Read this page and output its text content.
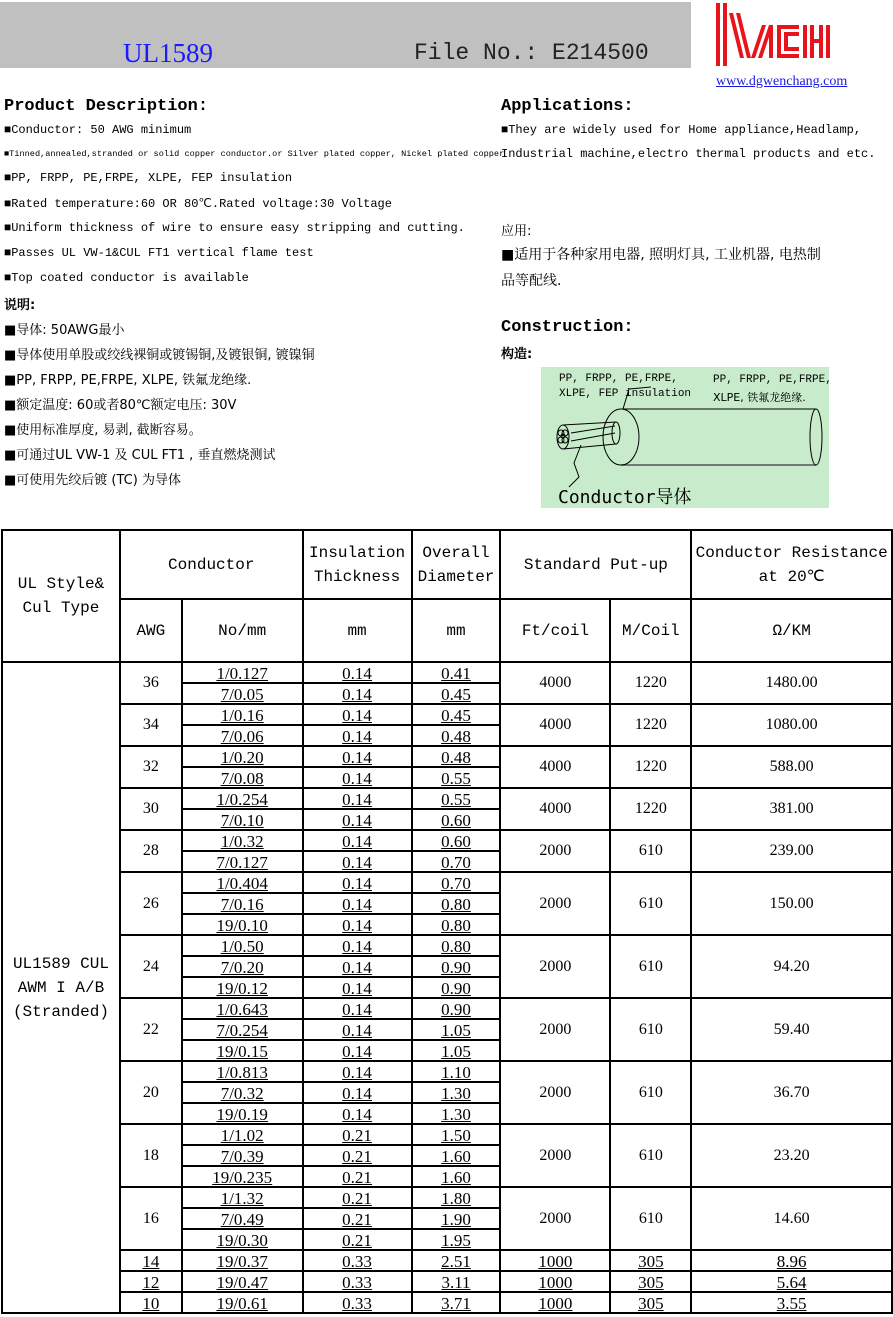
UL1589	File No.: E214500
www.dgwenchang.com
Product Description:
■Conductor: 50 AWG minimum
■Tinned,annealed,stranded or solid copper conductor.or Silver plated copper, Nickel plated copper
■PP, FRPP, PE,FRPE, XLPE, FEP insulation
■Rated temperature:60 OR 80℃.Rated voltage:30 Voltage
■Uniform thickness of wire to ensure easy stripping and cutting.
■Passes UL VW-1&CUL FT1 vertical flame test
■Top coated conductor is available
说明:
■导体: 50AWG最小
■导体使用单股或绞线裸铜或镀锡铜,及镀银铜, 镀镍铜
■PP, FRPP, PE,FRPE, XLPE, 铁氟龙绝缘.
■额定温度: 60或者80℃额定电压: 30V
■使用标准厚度, 易剥, 截断容易。
■可通过UL VW-1 及 CUL FT1 , 垂直燃烧测试
■可使用先绞后镀 (TC) 为导体
Applications:
■They are widely used for Home appliance,Headlamp,
Industrial machine,electro thermal products and etc.
应用:
■适用于各种家用电器, 照明灯具, 工业机器, 电热制
品等配线.
Construction:
构造:
PP, FRPP, PE,FRPE,
XLPE, FEP insulation
PP, FRPP, PE,FRPE,
XLPE, 铁氟龙绝缘.
Conductor导体
UL Style& Cul Type	Conductor		Insulation Thickness	Overall Diameter	Standard Put-up		Conductor Resistance at 20℃
	AWG	No/mm	mm	mm	Ft/coil	M/Coil	Ω/KM
UL1589 CUL AWM I A/B (Stranded)	36	1/0.127	0.14	0.41	4000	1220	1480.00
		7/0.05	0.14	0.45			
	34	1/0.16	0.14	0.45	4000	1220	1080.00
		7/0.06	0.14	0.48			
	32	1/0.20	0.14	0.48	4000	1220	588.00
		7/0.08	0.14	0.55			
	30	1/0.254	0.14	0.55	4000	1220	381.00
		7/0.10	0.14	0.60			
	28	1/0.32	0.14	0.60	2000	610	239.00
		7/0.127	0.14	0.70			
	26	1/0.404	0.14	0.70	2000	610	150.00
		7/0.16	0.14	0.80			
		19/0.10	0.14	0.80			
	24	1/0.50	0.14	0.80	2000	610	94.20
		7/0.20	0.14	0.90			
		19/0.12	0.14	0.90			
	22	1/0.643	0.14	0.90	2000	610	59.40
		7/0.254	0.14	1.05			
		19/0.15	0.14	1.05			
	20	1/0.813	0.14	1.10	2000	610	36.70
		7/0.32	0.14	1.30			
		19/0.19	0.14	1.30			
	18	1/1.02	0.21	1.50	2000	610	23.20
		7/0.39	0.21	1.60			
		19/0.235	0.21	1.60			
	16	1/1.32	0.21	1.80	2000	610	14.60
		7/0.49	0.21	1.90			
		19/0.30	0.21	1.95			
	14	19/0.37	0.33	2.51	1000	305	8.96
	12	19/0.47	0.33	3.11	1000	305	5.64
	10	19/0.61	0.33	3.71	1000	305	3.55
